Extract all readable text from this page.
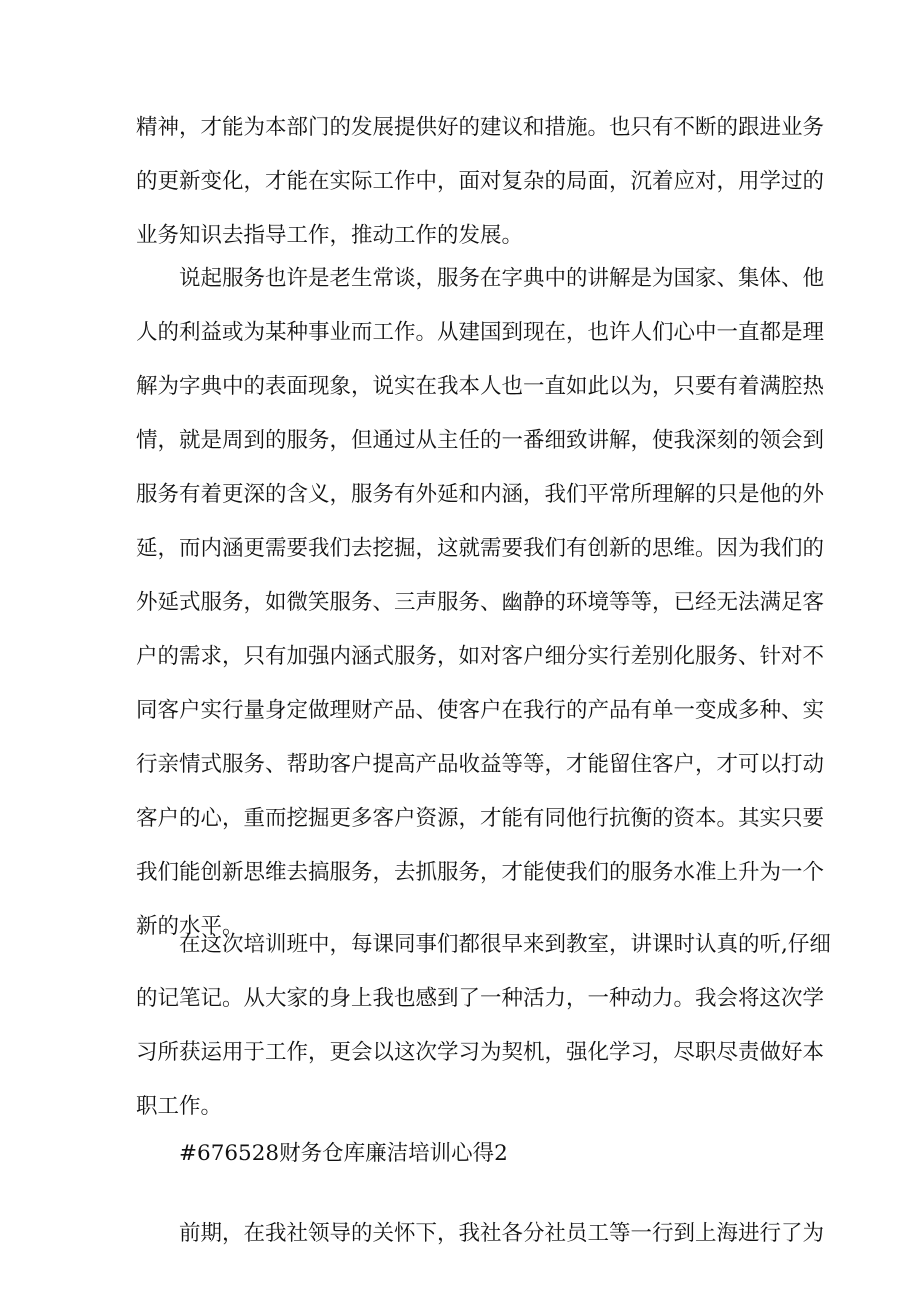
精神，才能为本部门的发展提供好的建议和措施。也只有不断的跟进业务
的更新变化，才能在实际工作中，面对复杂的局面，沉着应对，用学过的
业务知识去指导工作，推动工作的发展。
说起服务也许是老生常谈，服务在字典中的讲解是为国家、集体、他
人的利益或为某种事业而工作。从建国到现在，也许人们心中一直都是理
解为字典中的表面现象，说实在我本人也一直如此以为，只要有着满腔热
情，就是周到的服务，但通过从主任的一番细致讲解，使我深刻的领会到
服务有着更深的含义，服务有外延和内涵，我们平常所理解的只是他的外
延，而内涵更需要我们去挖掘，这就需要我们有创新的思维。因为我们的
外延式服务，如微笑服务、三声服务、幽静的环境等等，已经无法满足客
户的需求，只有加强内涵式服务，如对客户细分实行差别化服务、针对不
同客户实行量身定做理财产品、使客户在我行的产品有单一变成多种、实
行亲情式服务、帮助客户提高产品收益等等，才能留住客户，才可以打动
客户的心，重而挖掘更多客户资源，才能有同他行抗衡的资本。其实只要
我们能创新思维去搞服务，去抓服务，才能使我们的服务水准上升为一个
新的水平。
在这次培训班中，每课同事们都很早来到教室，讲课时认真的听,仔细
的记笔记。从大家的身上我也感到了一种活力，一种动力。我会将这次学
习所获运用于工作，更会以这次学习为契机，强化学习，尽职尽责做好本
职工作。
#676528财务仓库廉洁培训心得2
前期，在我社领导的关怀下，我社各分社员工等一行到上海进行了为
